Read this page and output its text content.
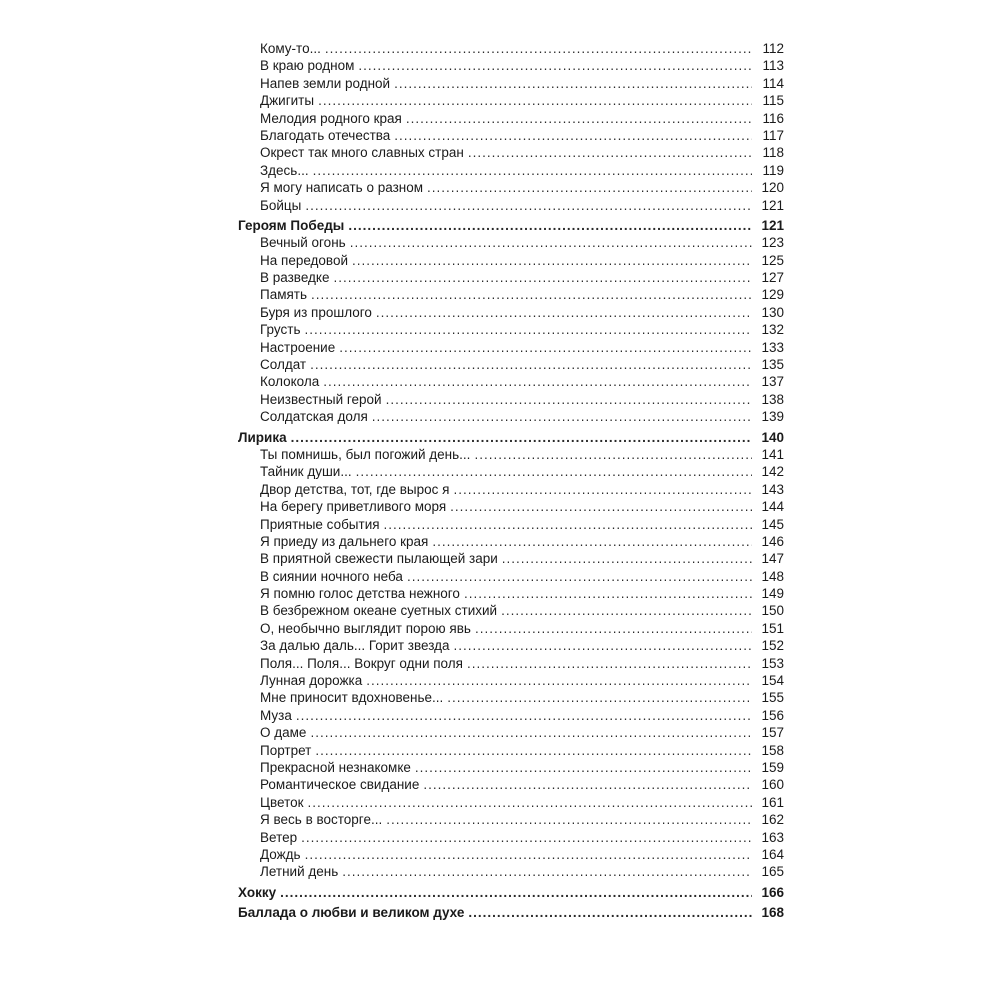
Кому-то... .....	112
В краю родном .....	113
Напев земли родной .....	114
Джигиты .....	115
Мелодия родного края .....	116
Благодать отечества .....	117
Окрест так много славных стран .....	118
Здесь... .....	119
Я могу написать о разном .....	120
Бойцы .....	121
Героям Победы .....	121
Вечный огонь .....	123
На передовой .....	125
В разведке .....	127
Память .....	129
Буря из прошлого .....	130
Грусть .....	132
Настроение .....	133
Солдат .....	135
Колокола .....	137
Неизвестный герой .....	138
Солдатская доля .....	139
Лирика .....	140
Ты помнишь, был погожий день... .....	141
Тайник души... .....	142
Двор детства, тот, где вырос я .....	143
На берегу приветливого моря .....	144
Приятные события .....	145
Я приеду из дальнего края .....	146
В приятной свежести пылающей зари .....	147
В сиянии ночного неба .....	148
Я помню голос детства нежного .....	149
В безбрежном океане суетных стихий .....	150
О, необычно выглядит порою явь .....	151
За далью даль... Горит звезда .....	152
Поля... Поля... Вокруг одни поля .....	153
Лунная дорожка .....	154
Мне приносит вдохновенье... .....	155
Муза .....	156
О даме .....	157
Портрет .....	158
Прекрасной незнакомке .....	159
Романтическое свидание .....	160
Цветок .....	161
Я весь в восторге... .....	162
Ветер .....	163
Дождь .....	164
Летний день .....	165
Хокку .....	166
Баллада о любви и великом духе .....	168
